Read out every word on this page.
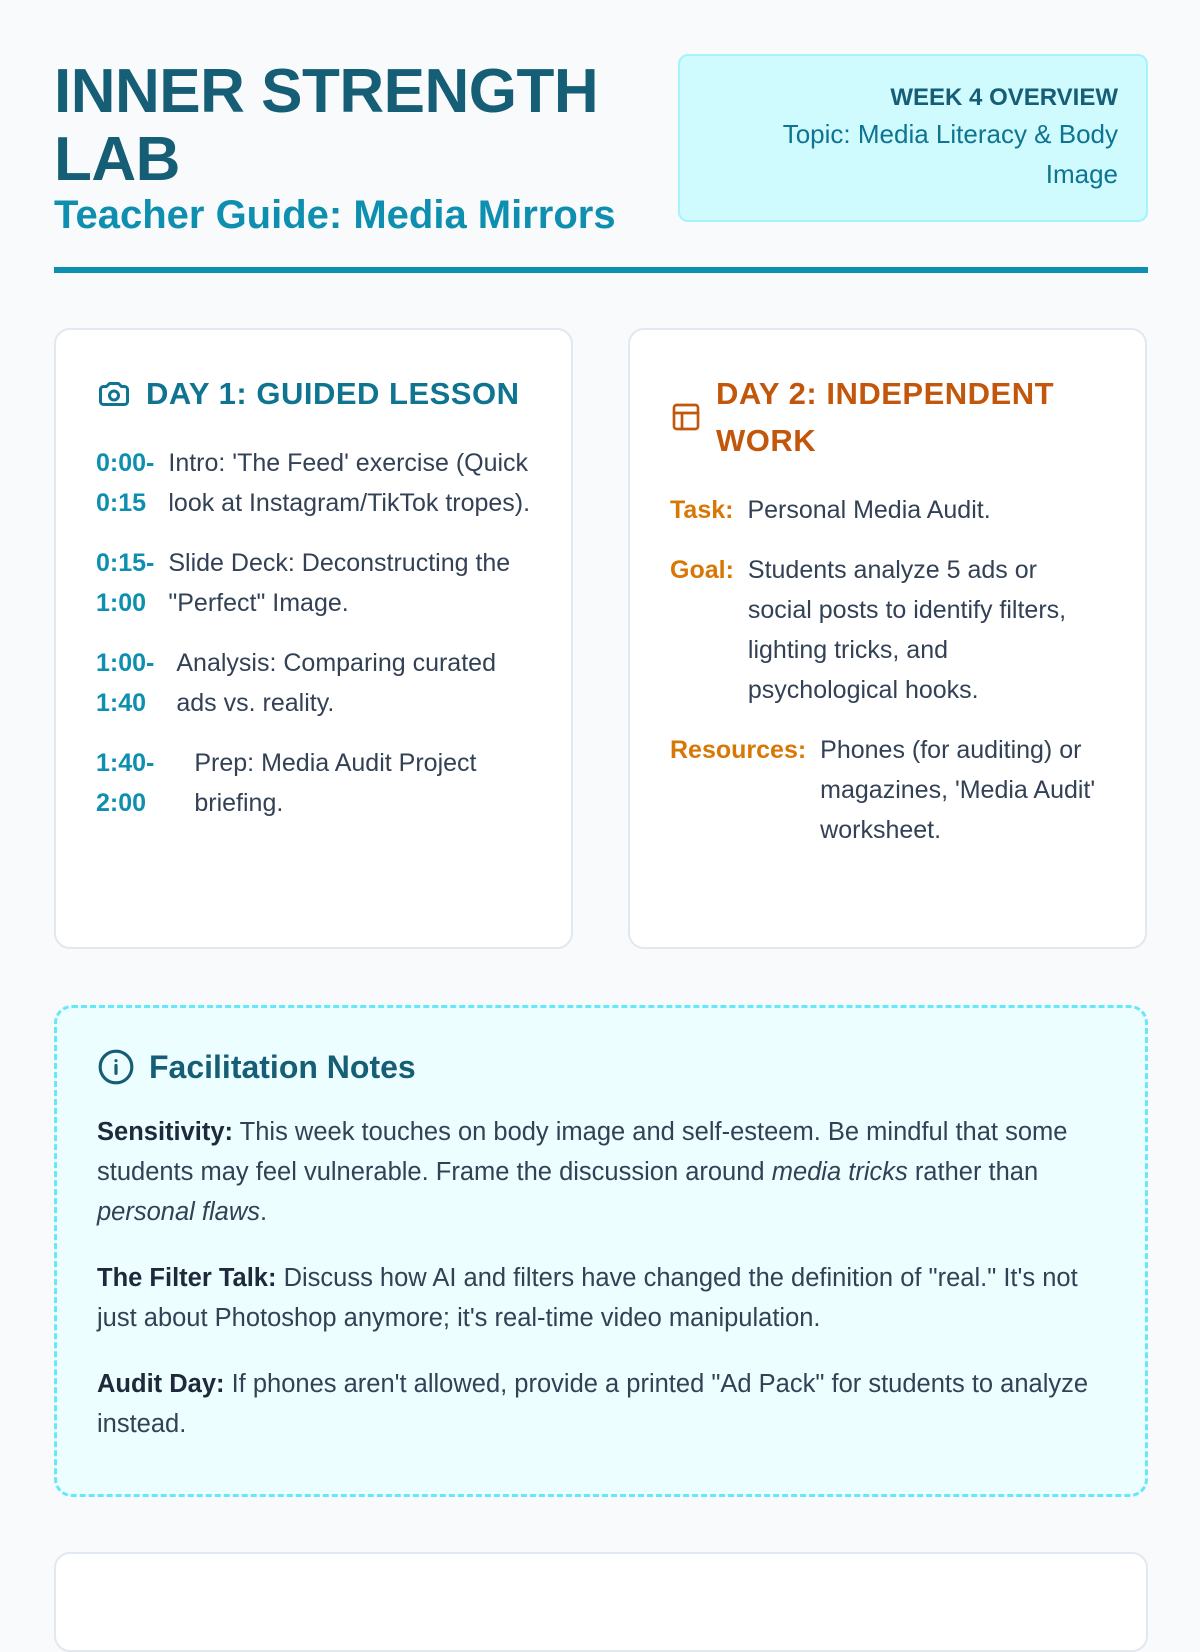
INNER STRENGTH LAB
Teacher Guide: Media Mirrors
WEEK 4 OVERVIEW
Topic: Media Literacy & Body Image
DAY 1: GUIDED LESSON
0:00-
0:15
Intro: 'The Feed' exercise (Quick look at Instagram/TikTok tropes).
0:15-
1:00
Slide Deck: Deconstructing the "Perfect" Image.
1:00-
1:40
Analysis: Comparing curated ads vs. reality.
1:40-
2:00
Prep: Media Audit Project briefing.
DAY 2: INDEPENDENT WORK
Task: Personal Media Audit.
Goal: Students analyze 5 ads or social posts to identify filters, lighting tricks, and psychological hooks.
Resources: Phones (for auditing) or magazines, 'Media Audit' worksheet.
Facilitation Notes

Sensitivity: This week touches on body image and self-esteem. Be mindful that some students may feel vulnerable. Frame the discussion around media tricks rather than personal flaws.

The Filter Talk: Discuss how AI and filters have changed the definition of "real." It's not just about Photoshop anymore; it's real-time video manipulation.

Audit Day: If phones aren't allowed, provide a printed "Ad Pack" for students to analyze instead.
